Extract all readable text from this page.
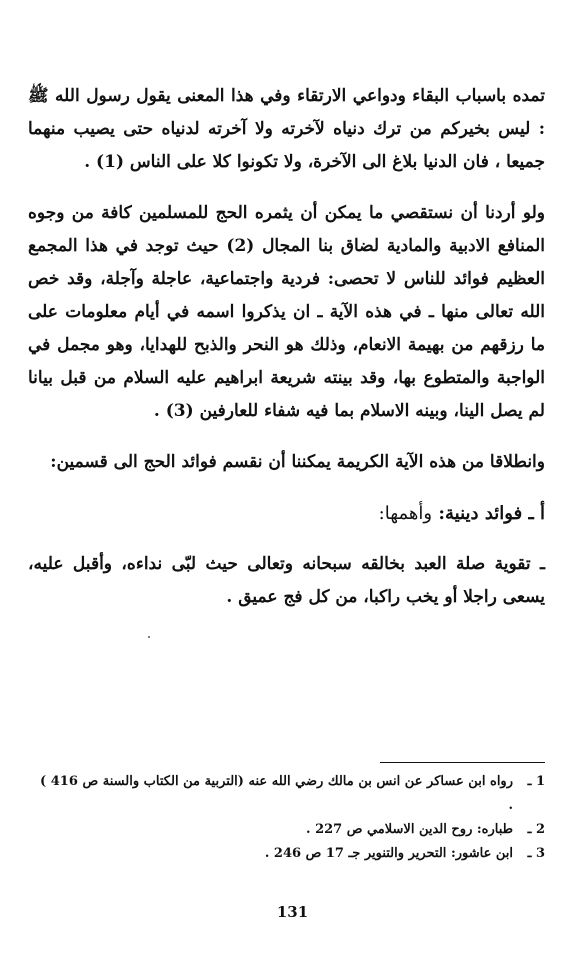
تمده باسباب البقاء ودواعي الارتقاء وفي هذا المعنى يقول رسول الله ﷺ : ليس بخيركم من ترك دنياه لآخرته ولا آخرته لدنياه حتى يصيب منهما جميعا ، فان الدنيا بلاغ الى الآخرة، ولا تكونوا كلا على الناس (1) .

ولو أردنا أن نستقصي ما يمكن أن يثمره الحج للمسلمين كافة من وجوه المنافع الادبية والمادية لضاق بنا المجال (2) حيث توجد في هذا المجمع العظيم فوائد للناس لا تحصى: فردية واجتماعية، عاجلة وآجلة، وقد خص الله تعالى منها ـ في هذه الآية ـ ان يذكروا اسمه في أيام معلومات على ما رزقهم من بهيمة الانعام، وذلك هو النحر والذبح للهدايا، وهو مجمل في الواجبة والمتطوع بها، وقد بينته شريعة ابراهيم عليه السلام من قبل بيانا لم يصل الينا، وبينه الاسلام بما فيه شفاء للعارفين (3) .

وانطلاقا من هذه الآية الكريمة يمكننا أن نقسم فوائد الحج الى قسمين:

أ ـ فوائد دينية: وأهمها:

ـ تقوية صلة العبد بخالقه سبحانه وتعالى حيث لبّى نداءه، وأقبل عليه، يسعى راجلا أو يخب راكبا، من كل فج عميق .

1 ـ
رواه ابن عساكر عن انس بن مالك رضي الله عنه (التربية من الكتاب والسنة ص 416 ) .

2 ـ
طباره: روح الدين الاسلامي ص 227 .

3 ـ
ابن عاشور: التحرير والتنوير جـ 17 ص 246 .

131
